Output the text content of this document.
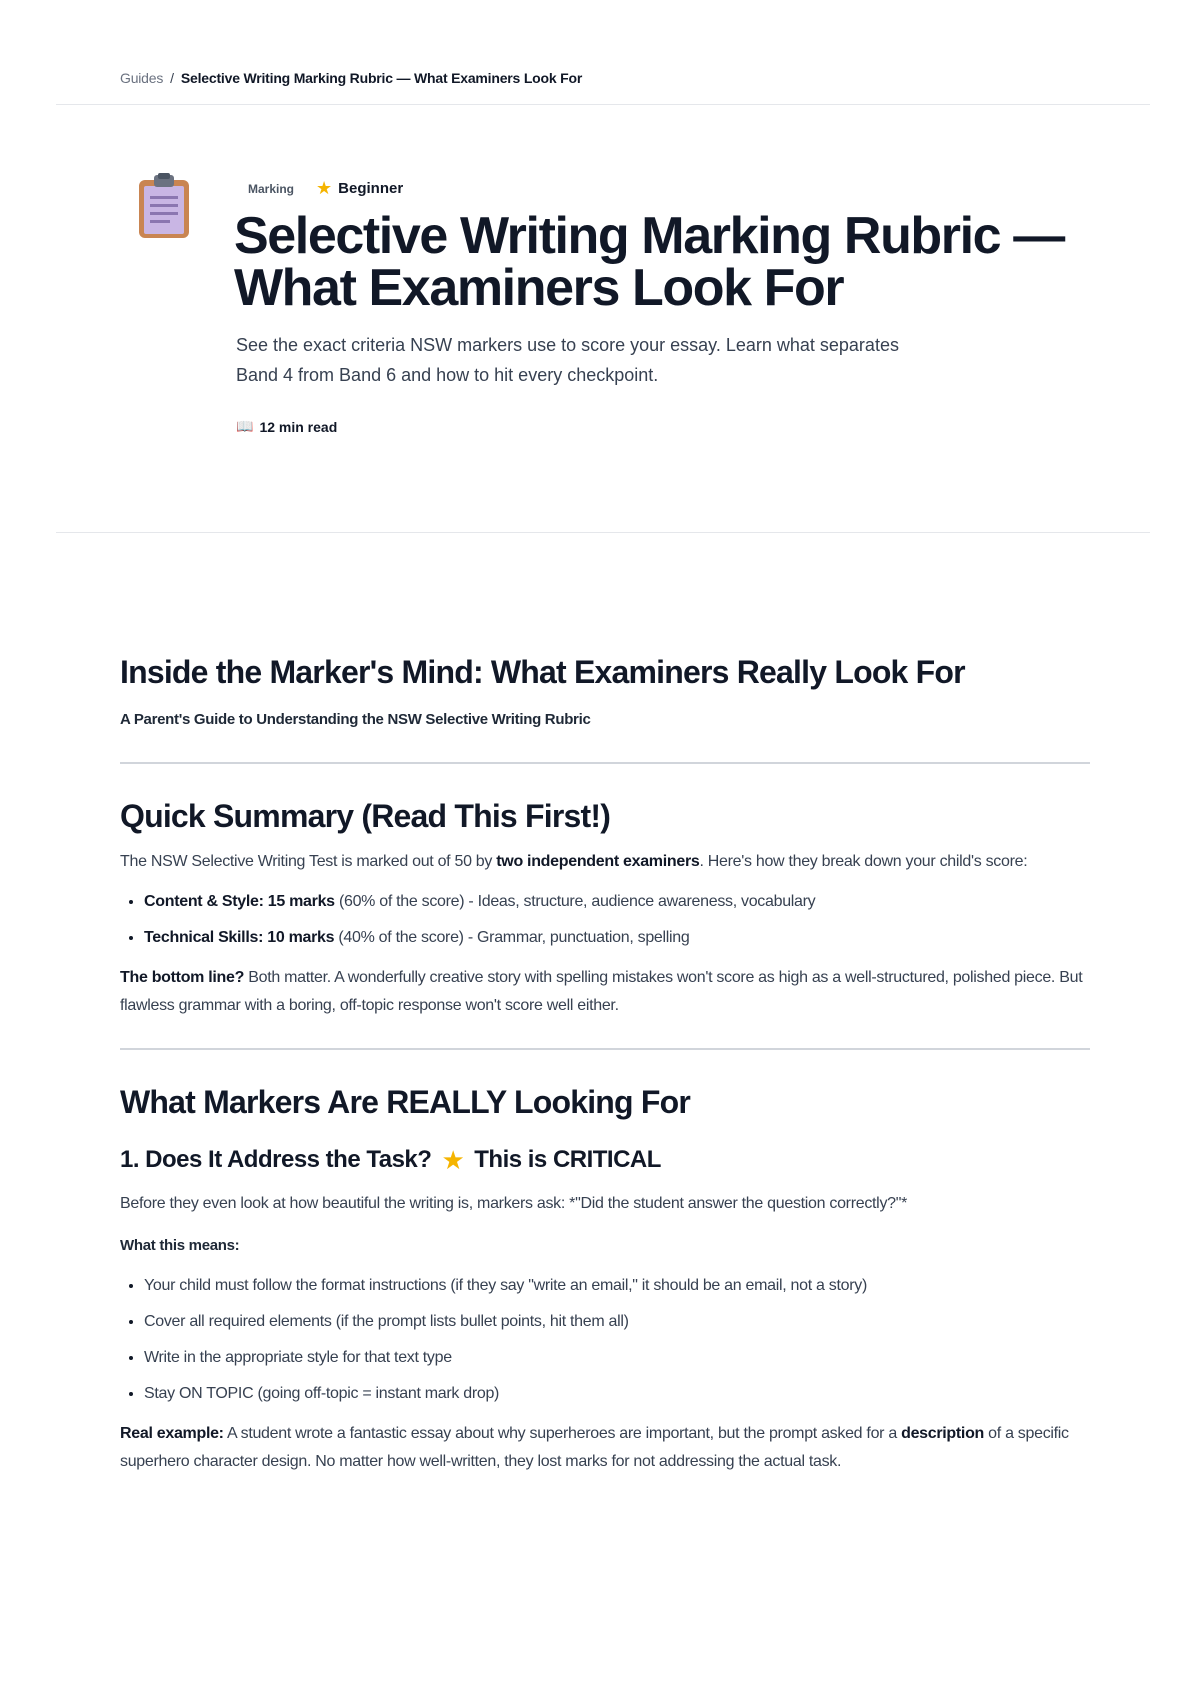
Guides / Selective Writing Marking Rubric — What Examiners Look For
Marking	★ Beginner
Selective Writing Marking Rubric — What Examiners Look For

See the exact criteria NSW markers use to score your essay. Learn what separates Band 4 from Band 6 and how to hit every checkpoint.

📖 12 min read
Inside the Marker's Mind: What Examiners Really Look For

A Parent's Guide to Understanding the NSW Selective Writing Rubric

Quick Summary (Read This First!)

The NSW Selective Writing Test is marked out of 50 by two independent examiners. Here's how they break down your child's score:

• Content & Style: 15 marks (60% of the score) - Ideas, structure, audience awareness, vocabulary
• Technical Skills: 10 marks (40% of the score) - Grammar, punctuation, spelling

The bottom line? Both matter. A wonderfully creative story with spelling mistakes won't score as high as a well-structured, polished piece. But flawless grammar with a boring, off-topic response won't score well either.

What Markers Are REALLY Looking For
1. Does It Address the Task? ★ This is CRITICAL

Before they even look at how beautiful the writing is, markers ask: *"Did the student answer the question correctly?"*

What this means:

• Your child must follow the format instructions (if they say "write an email," it should be an email, not a story)
• Cover all required elements (if the prompt lists bullet points, hit them all)
• Write in the appropriate style for that text type
• Stay ON TOPIC (going off-topic = instant mark drop)

Real example: A student wrote a fantastic essay about why superheroes are important, but the prompt asked for a description of a specific superhero character design. No matter how well-written, they lost marks for not addressing the actual task.
